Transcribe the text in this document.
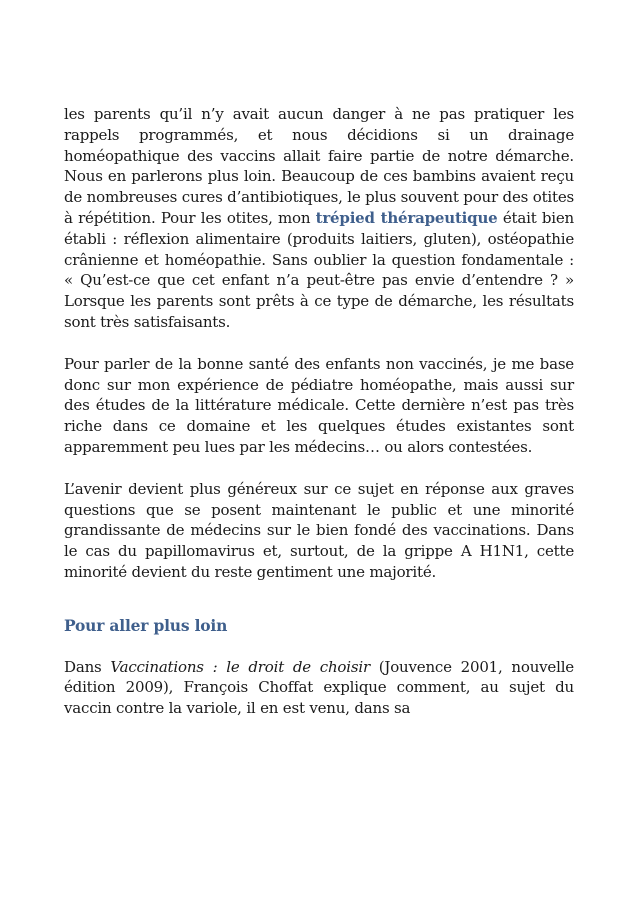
les parents qu’il n’y avait aucun danger à ne pas pratiquer les rappels programmés, et nous décidions si un drainage homéopathique des vaccins allait faire partie de notre démarche. Nous en parlerons plus loin. Beaucoup de ces bambins avaient reçu de nombreuses cures d’antibiotiques, le plus souvent pour des otites à répétition. Pour les otites, mon trépied thérapeutique était bien établi : réflexion alimentaire (produits laitiers, gluten), ostéopathie crânienne et homéopathie. Sans oublier la question fondamentale : « Qu’est-ce que cet enfant n’a peut-être pas envie d’entendre ? » Lorsque les parents sont prêts à ce type de démarche, les résultats sont très satisfaisants.

Pour parler de la bonne santé des enfants non vaccinés, je me base donc sur mon expérience de pédiatre homéopathe, mais aussi sur des études de la littérature médicale. Cette dernière n’est pas très riche dans ce domaine et les quelques études existantes sont apparemment peu lues par les médecins… ou alors contestées.

L’avenir devient plus généreux sur ce sujet en réponse aux graves questions que se posent maintenant le public et une minorité grandissante de médecins sur le bien fondé des vaccinations. Dans le cas du papillomavirus et, surtout, de la grippe A H1N1, cette minorité devient du reste gentiment une majorité.

Pour aller plus loin

Dans Vaccinations : le droit de choisir (Jouvence 2001, nouvelle édition 2009), François Choffat explique comment, au sujet du vaccin contre la variole, il en est venu, dans sa
